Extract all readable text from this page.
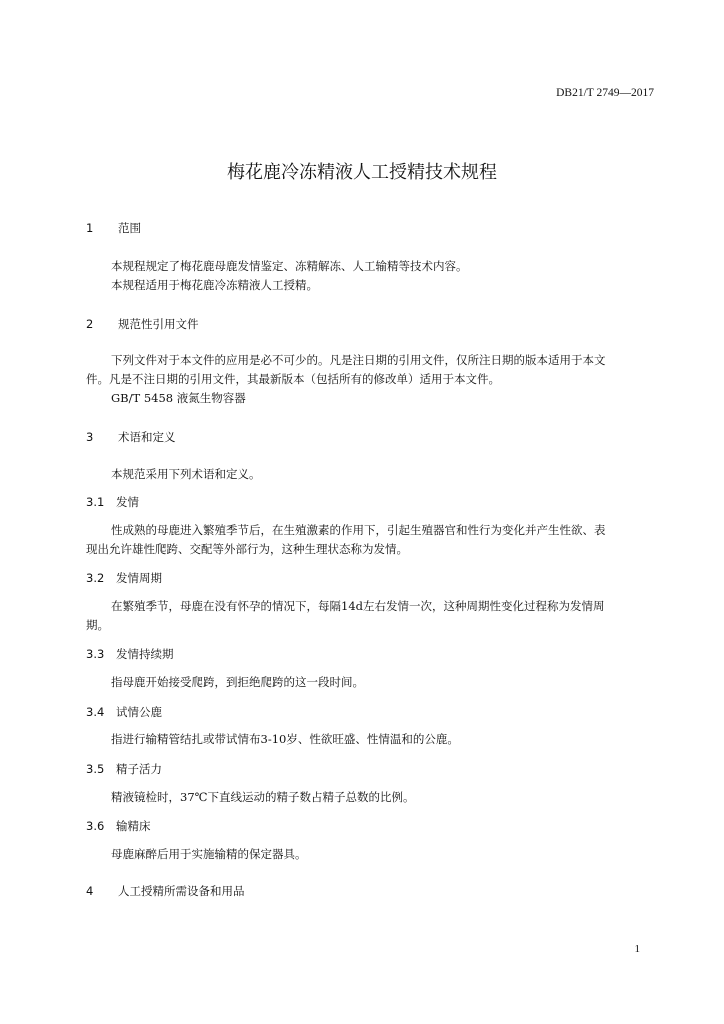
DB21/T 2749—2017
梅花鹿冷冻精液人工授精技术规程
1 范围
本规程规定了梅花鹿母鹿发情鉴定、冻精解冻、人工输精等技术内容。
本规程适用于梅花鹿冷冻精液人工授精。
2 规范性引用文件
下列文件对于本文件的应用是必不可少的。凡是注日期的引用文件，仅所注日期的版本适用于本文
件。凡是不注日期的引用文件，其最新版本（包括所有的修改单）适用于本文件。
GB/T 5458 液氮生物容器
3 术语和定义
本规范采用下列术语和定义。
3.1 发情
性成熟的母鹿进入繁殖季节后，在生殖激素的作用下，引起生殖器官和性行为变化并产生性欲、表
现出允许雄性爬跨、交配等外部行为，这种生理状态称为发情。
3.2 发情周期
在繁殖季节，母鹿在没有怀孕的情况下，每隔14d左右发情一次，这种周期性变化过程称为发情周
期。
3.3 发情持续期
指母鹿开始接受爬跨，到拒绝爬跨的这一段时间。
3.4 试情公鹿
指进行输精管结扎或带试情布3-10岁、性欲旺盛、性情温和的公鹿。
3.5 精子活力
精液镜检时，37℃下直线运动的精子数占精子总数的比例。
3.6 输精床
母鹿麻醉后用于实施输精的保定器具。
4 人工授精所需设备和用品
1
